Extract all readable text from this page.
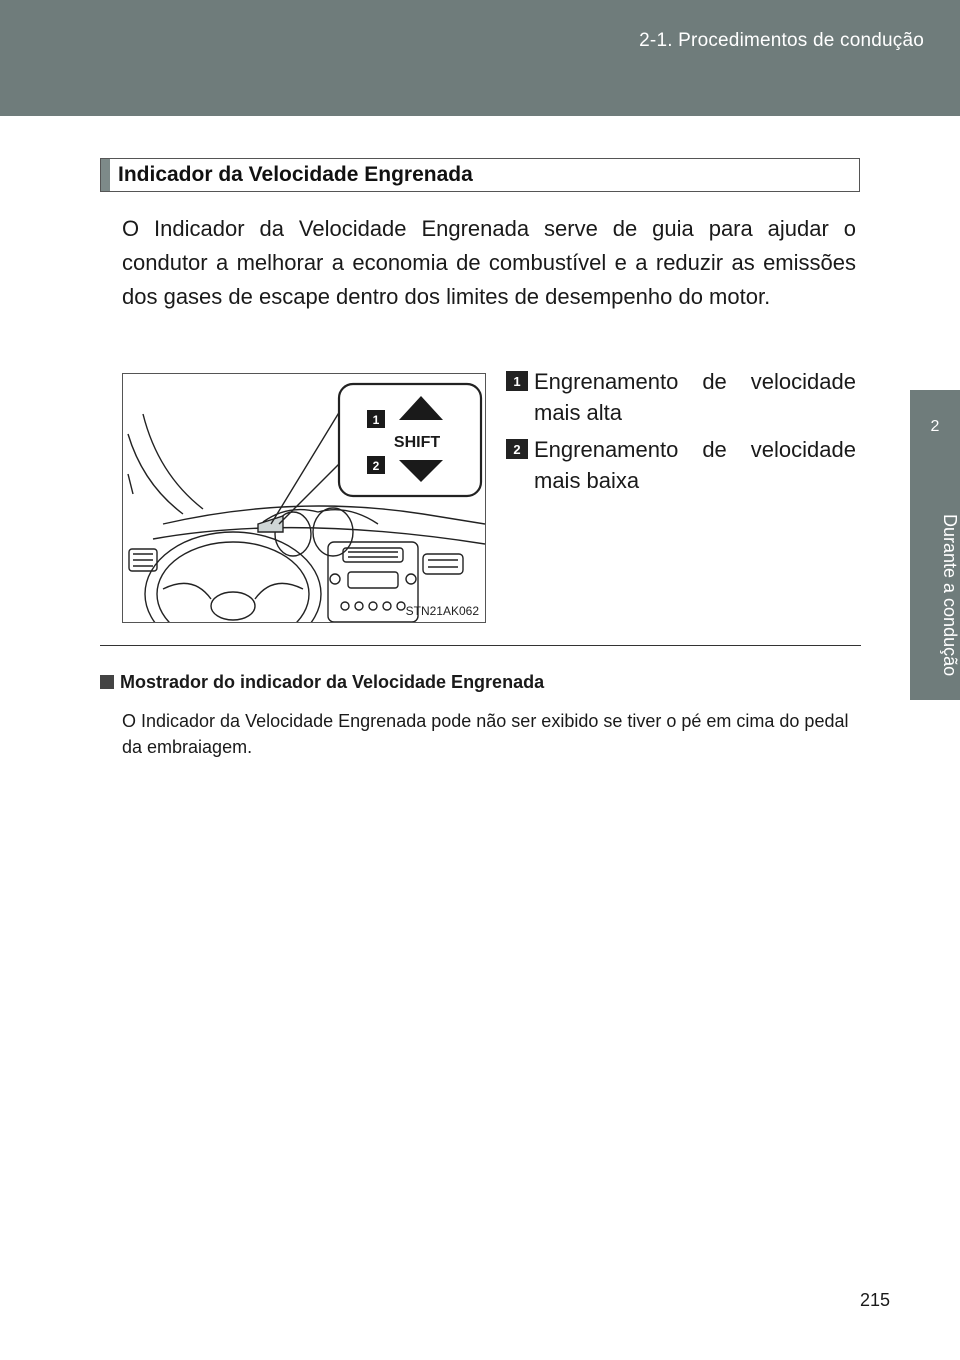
2-1. Procedimentos de condução
2
Durante a condução
Indicador da Velocidade Engrenada
O Indicador da Velocidade Engrenada serve de guia para ajudar o condutor a melhorar a economia de combustível e a reduzir as emissões dos gases de escape dentro dos limites de desempenho do motor.
1
2
SHIFT
STN21AK062
1 Engrenamento de velocidade
mais alta
2 Engrenamento de velocidade
mais baixa
Mostrador do indicador da Velocidade Engrenada
O Indicador da Velocidade Engrenada pode não ser exibido se tiver o pé em cima do pedal da embraiagem.
215
